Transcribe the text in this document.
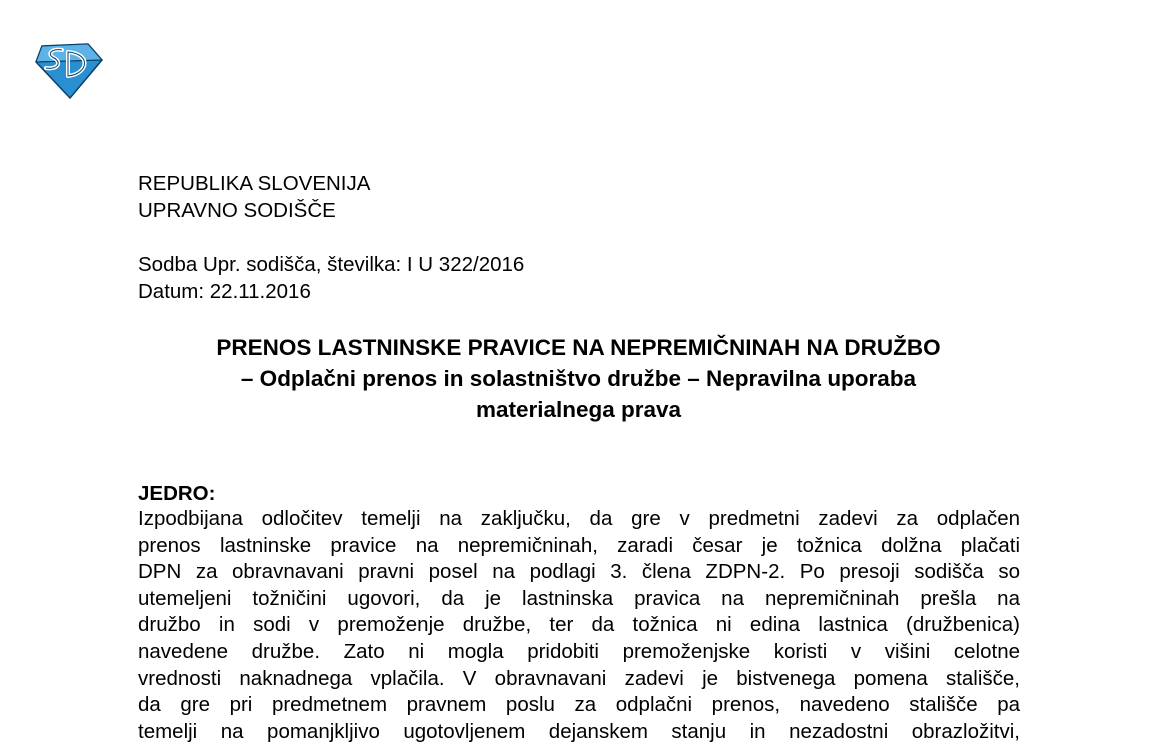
REPUBLIKA SLOVENIJA
UPRAVNO SODIŠČE
Sodba Upr. sodišča, številka: I U 322/2016
Datum: 22.11.2016
PRENOS LASTNINSKE PRAVICE NA NEPREMIČNINAH NA DRUŽBO
– Odplačni prenos in solastništvo družbe – Nepravilna uporaba
materialnega prava
JEDRO:
Izpodbijana odločitev temelji na zaključku, da gre v predmetni zadevi za odplačen
prenos lastninske pravice na nepremičninah, zaradi česar je tožnica dolžna plačati
DPN za obravnavani pravni posel na podlagi 3. člena ZDPN-2. Po presoji sodišča so
utemeljeni tožničini ugovori, da je lastninska pravica na nepremičninah prešla na
družbo in sodi v premoženje družbe, ter da tožnica ni edina lastnica (družbenica)
navedene družbe. Zato ni mogla pridobiti premoženjske koristi v višini celotne
vrednosti naknadnega vplačila. V obravnavani zadevi je bistvenega pomena stališče,
da gre pri predmetnem pravnem poslu za odplačni prenos, navedeno stališče pa
temelji na pomanjkljivo ugotovljenem dejanskem stanju in nezadostni obrazložitvi,
